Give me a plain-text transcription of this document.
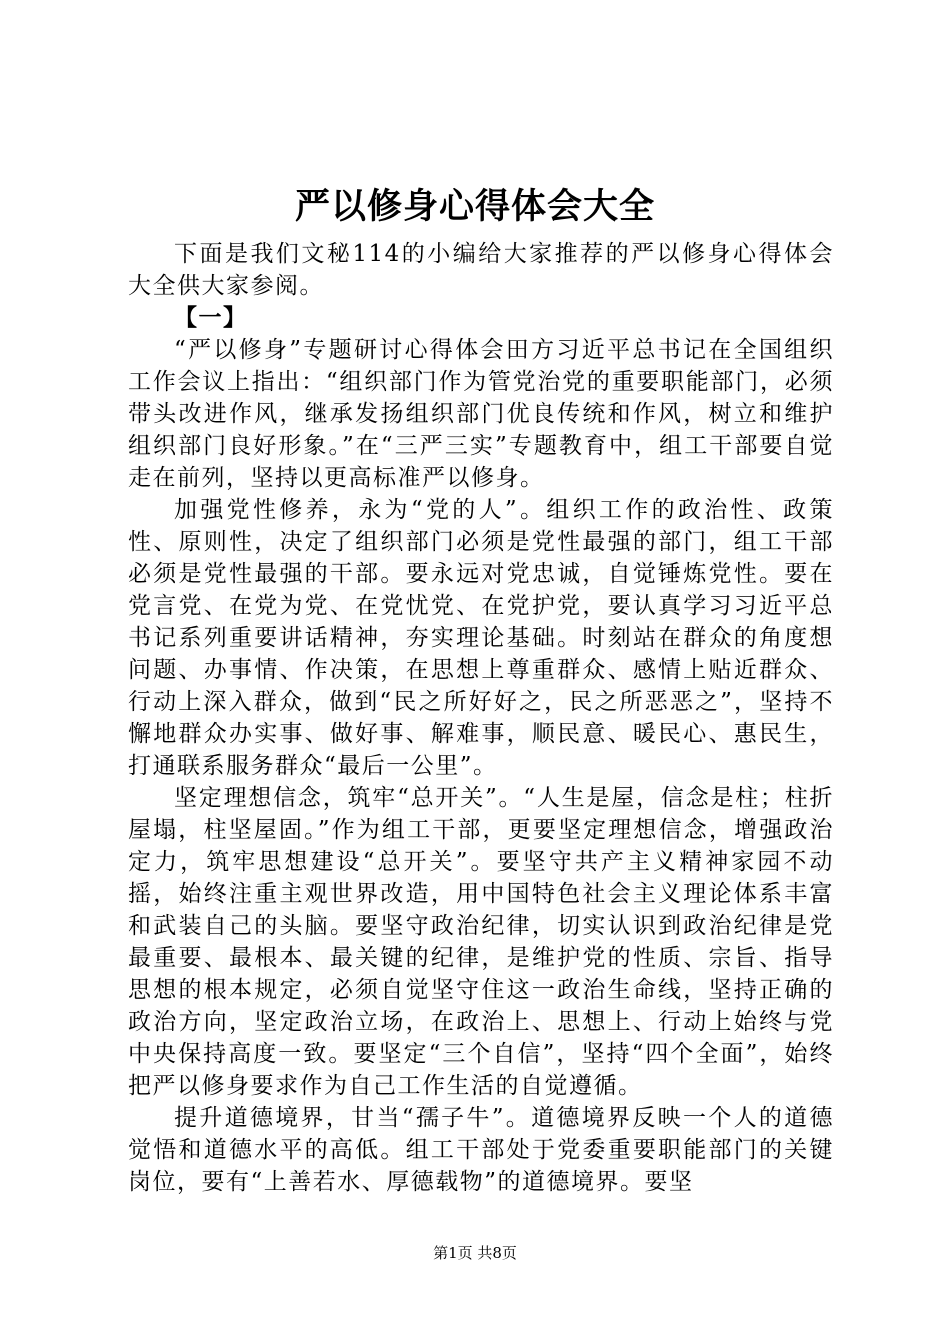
严以修身心得体会大全

下面是我们文秘114的小编给大家推荐的严以修身心得体会大全供大家参阅。

【一】

“严以修身”专题研讨心得体会田方习近平总书记在全国组织工作会议上指出：“组织部门作为管党治党的重要职能部门，必须带头改进作风，继承发扬组织部门优良传统和作风，树立和维护组织部门良好形象。”在“三严三实”专题教育中，组工干部要自觉走在前列，坚持以更高标准严以修身。

加强党性修养，永为“党的人”。组织工作的政治性、政策性、原则性，决定了组织部门必须是党性最强的部门，组工干部必须是党性最强的干部。要永远对党忠诚，自觉锤炼党性。要在党言党、在党为党、在党忧党、在党护党，要认真学习习近平总书记系列重要讲话精神，夯实理论基础。时刻站在群众的角度想问题、办事情、作决策，在思想上尊重群众、感情上贴近群众、行动上深入群众，做到“民之所好好之，民之所恶恶之”，坚持不懈地群众办实事、做好事、解难事，顺民意、暖民心、惠民生，打通联系服务群众“最后一公里”。

坚定理想信念，筑牢“总开关”。“人生是屋，信念是柱；柱折屋塌，柱坚屋固。”作为组工干部，更要坚定理想信念，增强政治定力，筑牢思想建设“总开关”。要坚守共产主义精神家园不动摇，始终注重主观世界改造，用中国特色社会主义理论体系丰富和武装自己的头脑。要坚守政治纪律，切实认识到政治纪律是党最重要、最根本、最关键的纪律，是维护党的性质、宗旨、指导思想的根本规定，必须自觉坚守住这一政治生命线，坚持正确的政治方向，坚定政治立场，在政治上、思想上、行动上始终与党中央保持高度一致。要坚定“三个自信”，坚持“四个全面”，始终把严以修身要求作为自己工作生活的自觉遵循。

提升道德境界，甘当“孺子牛”。道德境界反映一个人的道德觉悟和道德水平的高低。组工干部处于党委重要职能部门的关键岗位，要有“上善若水、厚德载物”的道德境界。要坚

第1页 共8页
